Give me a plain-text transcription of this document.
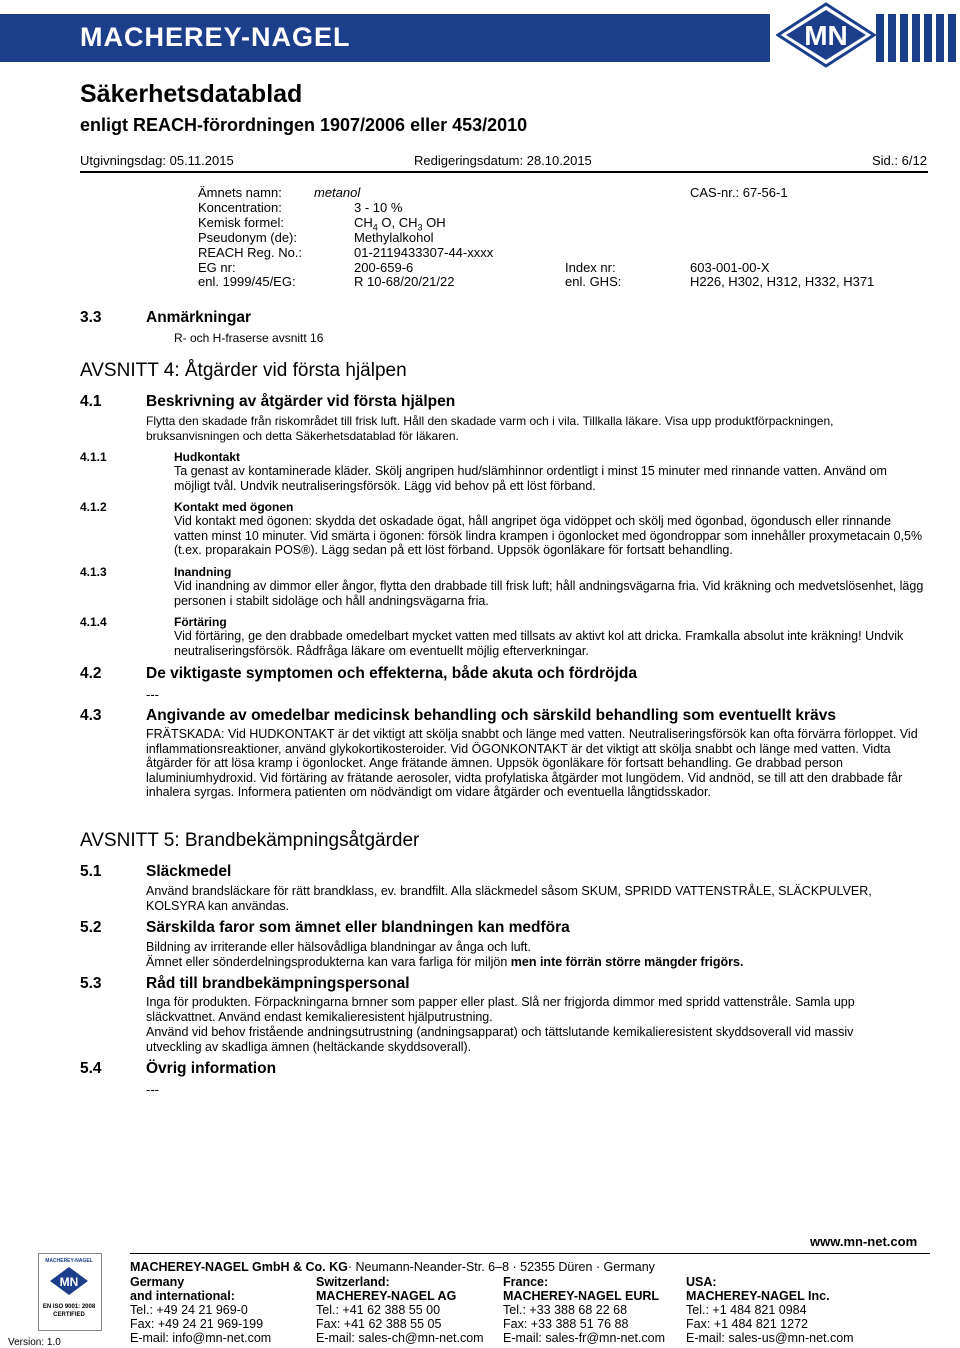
MACHEREY-NAGEL	MN
Säkerhetsdatablad
enligt REACH-förordningen 1907/2006 eller 453/2010
Utgivningsdag: 05.11.2015	Redigeringsdatum: 28.10.2015	Sid.: 6/12
Ämnets namn: metanol	CAS-nr.: 67-56-1
Koncentration:	3 - 10 %
Kemisk formel:	$CH_4$ O, $CH_3$ OH
Pseudonym (de):	Methylalkohol
REACH Reg. No.:	01-2119433307-44-xxxx
EG nr:	200-659-6	Index nr:	603-001-00-X
enl. 1999/45/EG:	R 10-68/20/21/22	enl. GHS:	H226, H302, H312, H332, H371
3.3	Anmärkningar
R- och H-fraserse avsnitt 16
AVSNITT 4: Åtgärder vid första hjälpen
4.1	Beskrivning av åtgärder vid första hjälpen
Flytta den skadade från riskområdet till frisk luft. Håll den skadade varm och i vila. Tillkalla läkare. Visa upp produktförpackningen, bruksanvisningen och detta Säkerhetsdatablad för läkaren.
4.1.1	Hudkontakt
Ta genast av kontaminerade kläder. Skölj angripen hud/slämhinnor ordentligt i minst 15 minuter med rinnande vatten. Använd om möjligt tvål. Undvik neutraliseringsförsök. Lägg vid behov på ett löst förband.
4.1.2	Kontakt med ögonen
Vid kontakt med ögonen: skydda det oskadade ögat, håll angripet öga vidöppet och skölj med ögonbad, ögondusch eller rinnande vatten minst 10 minuter. Vid smärta i ögonen: försök lindra krampen i ögonlocket med ögondroppar som innehåller proxymetacain 0,5% (t.ex. proparakain POS®). Lägg sedan på ett löst förband. Uppsök ögonläkare för fortsatt behandling.
4.1.3	Inandning
Vid inandning av dimmor eller ångor, flytta den drabbade till frisk luft; håll andningsvägarna fria. Vid kräkning och medvetslösenhet, lägg personen i stabilt sidoläge och håll andningsvägarna fria.
4.1.4	Förtäring
Vid förtäring, ge den drabbade omedelbart mycket vatten med tillsats av aktivt kol att dricka. Framkalla absolut inte kräkning! Undvik neutraliseringsförsök. Rådfråga läkare om eventuellt möjlig efterverkningar.
4.2	De viktigaste symptomen och effekterna, både akuta och fördröjda
---
4.3	Angivande av omedelbar medicinsk behandling och särskild behandling som eventuellt krävs
FRÄTSKADA: Vid HUDKONTAKT är det viktigt att skölja snabbt och länge med vatten. Neutraliseringsförsök kan ofta förvärra förloppet. Vid inflammationsreaktioner, använd glykokortikosteroider. Vid ÖGONKONTAKT är det viktigt att skölja snabbt och länge med vatten. Vidta åtgärder för att lösa kramp i ögonlocket. Ange frätande ämnen. Uppsök ögonläkare för fortsatt behandling. Ge drabbad person laluminiumhydroxid. Vid förtäring av frätande aerosoler, vidta profylatiska åtgärder mot lungödem. Vid andnöd, se till att den drabbade får inhalera syrgas. Informera patienten om nödvändigt om vidare åtgärder och eventuella långtidsskador.
AVSNITT 5: Brandbekämpningsåtgärder
5.1	Släckmedel
Använd brandsläckare för rätt brandklass, ev. brandfilt. Alla släckmedel såsom SKUM, SPRIDD VATTENSTRÅLE, SLÄCKPULVER, KOLSYRA kan användas.
5.2	Särskilda faror som ämnet eller blandningen kan medföra
Bildning av irriterande eller hälsovådliga blandningar av ånga och luft.
Ämnet eller sönderdelningsprodukterna kan vara farliga för miljön men inte förrän större mängder frigörs.
5.3	Råd till brandbekämpningspersonal
Inga för produkten. Förpackningarna brnner som papper eller plast. Slå ner frigjorda dimmor med spridd vattenstråle. Samla upp släckvattnet. Använd endast kemikalieresistent hjälputrustning.
Använd vid behov fristående andningsutrustning (andningsapparat) och tättslutande kemikalieresistent skyddsoverall vid massiv utveckling av skadliga ämnen (heltäckande skyddsoverall).
5.4	Övrig information
---
www.mn-net.com
MACHEREY-NAGEL
MN
EN ISO 9001: 2008
CERTIFIED
Version: 1.0
MACHEREY-NAGEL GmbH & Co. KG· Neumann-Neander-Str. 6–8 · 52355 Düren · Germany
Germany
and international:
Tel.: +49 24 21 969-0
Fax: +49 24 21 969-199
E-mail: info@mn-net.com
Switzerland:
MACHEREY-NAGEL AG
Tel.: +41 62 388 55 00
Fax: +41 62 388 55 05
E-mail: sales-ch@mn-net.com
France:
MACHEREY-NAGEL EURL
Tel.: +33 388 68 22 68
Fax: +33 388 51 76 88
E-mail: sales-fr@mn-net.com
USA:
MACHEREY-NAGEL Inc.
Tel.: +1 484 821 0984
Fax: +1 484 821 1272
E-mail: sales-us@mn-net.com
